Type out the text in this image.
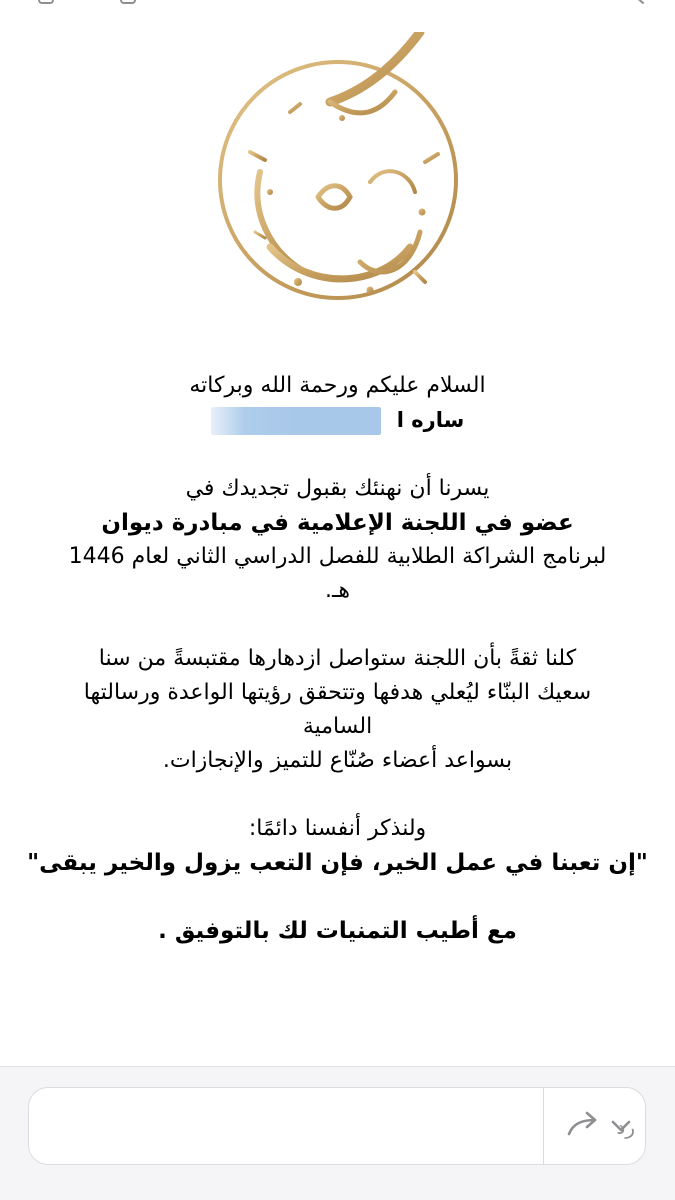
السلام عليكم ورحمة الله وبركاته

ساره ا

يسرنا أن نهنئك بقبول تجديدك في

عضو في اللجنة الإعلامية في مبادرة ديوان

لبرنامج الشراكة الطلابية للفصل الدراسي الثاني لعام 1446

هـ.

كلنا ثقةً بأن اللجنة ستواصل ازدهارها مقتبسةً من سنا

سعيك البنّاء ليُعلي هدفها وتتحقق رؤيتها الواعدة ورسالتها

السامية

بسواعد أعضاء صُنّاع للتميز والإنجازات.

ولنذكر أنفسنا دائمًا:

"إن تعبنا في عمل الخير، فإن التعب يزول والخير يبقى"

مع أطيب التمنيات لك بالتوفيق .

رد
